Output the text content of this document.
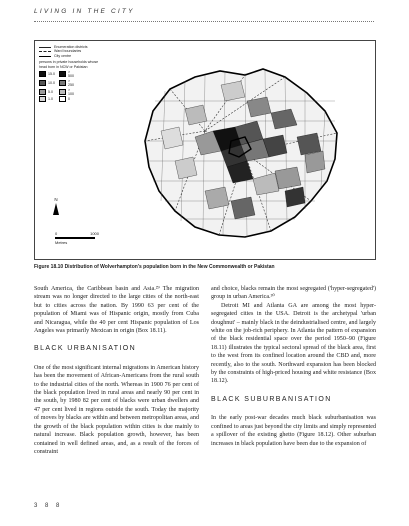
LIVING IN THE CITY
Enumeration districts
Ward boundaries
City centre
persons in private households whose head born in NCW or Pakistan
15.0
> 500
10.0
> 250
5.0
> 100
1.0	0
N
0	1000
Metres
Figure 18.10 Distribution of Wolverhampton's population born in the New Commonwealth or Pakistan

South America, the Caribbean basin and Asia.²⁹ The migration stream was no longer directed to the large cities of the north-east but to cities across the nation. By 1990 63 per cent of the population of Miami was of Hispanic origin, mostly from Cuba and Nicaragua, while the 40 per cent Hispanic population of Los Angeles was primarily Mexican in origin (Box 18.11).

BLACK URBANISATION

One of the most significant internal migrations in American history has been the movement of African-Americans from the rural south to the industrial cities of the north. Whereas in 1900 76 per cent of the black population lived in rural areas and nearly 90 per cent in the south, by 1980 82 per cent of blacks were urban dwellers and 47 per cent lived in regions outside the south. Today the majority of moves by blacks are within and between metropolitan areas, and the growth of the black population within cities is due mainly to natural increase. Black population growth, however, has been contained in well defined areas, and, as a result of the forces of constraint

and choice, blacks remain the most segregated ('hyper-segregated') group in urban America.³⁰

Detroit MI and Atlanta GA are among the most hyper-segregated cities in the USA. Detroit is the archetypal 'urban doughnut' – mainly black in the deindustrialised centre, and largely white on the job-rich periphery. In Atlanta the pattern of expansion of the black residential space over the period 1950–90 (Figure 18.11) illustrates the typical sectoral spread of the black area, first to the west from its confined location around the CBD and, more recently, also to the south. Northward expansion has been blocked by the constraints of high-priced housing and white resistance (Box 18.12).

BLACK SUBURBANISATION

In the early post-war decades much black suburbanisation was confined to areas just beyond the city limits and simply represented a spillover of the existing ghetto (Figure 18.12). Other suburban increases in black population have been due to the expansion of

3 8 8
